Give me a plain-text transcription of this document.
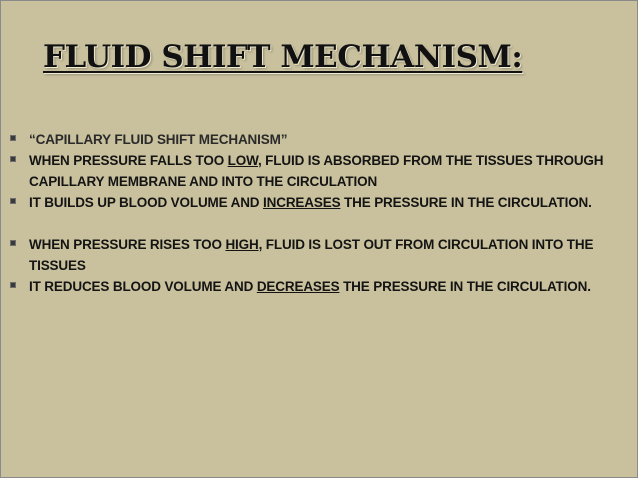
FLUID SHIFT MECHANISM:
“CAPILLARY FLUID SHIFT MECHANISM”
WHEN PRESSURE FALLS TOO LOW, FLUID IS ABSORBED FROM THE TISSUES THROUGH CAPILLARY MEMBRANE AND INTO THE CIRCULATION
IT BUILDS UP BLOOD VOLUME AND INCREASES THE PRESSURE IN THE CIRCULATION.
WHEN PRESSURE RISES TOO HIGH, FLUID IS LOST OUT FROM CIRCULATION INTO THE TISSUES
IT REDUCES BLOOD VOLUME AND DECREASES THE PRESSURE IN THE CIRCULATION.
